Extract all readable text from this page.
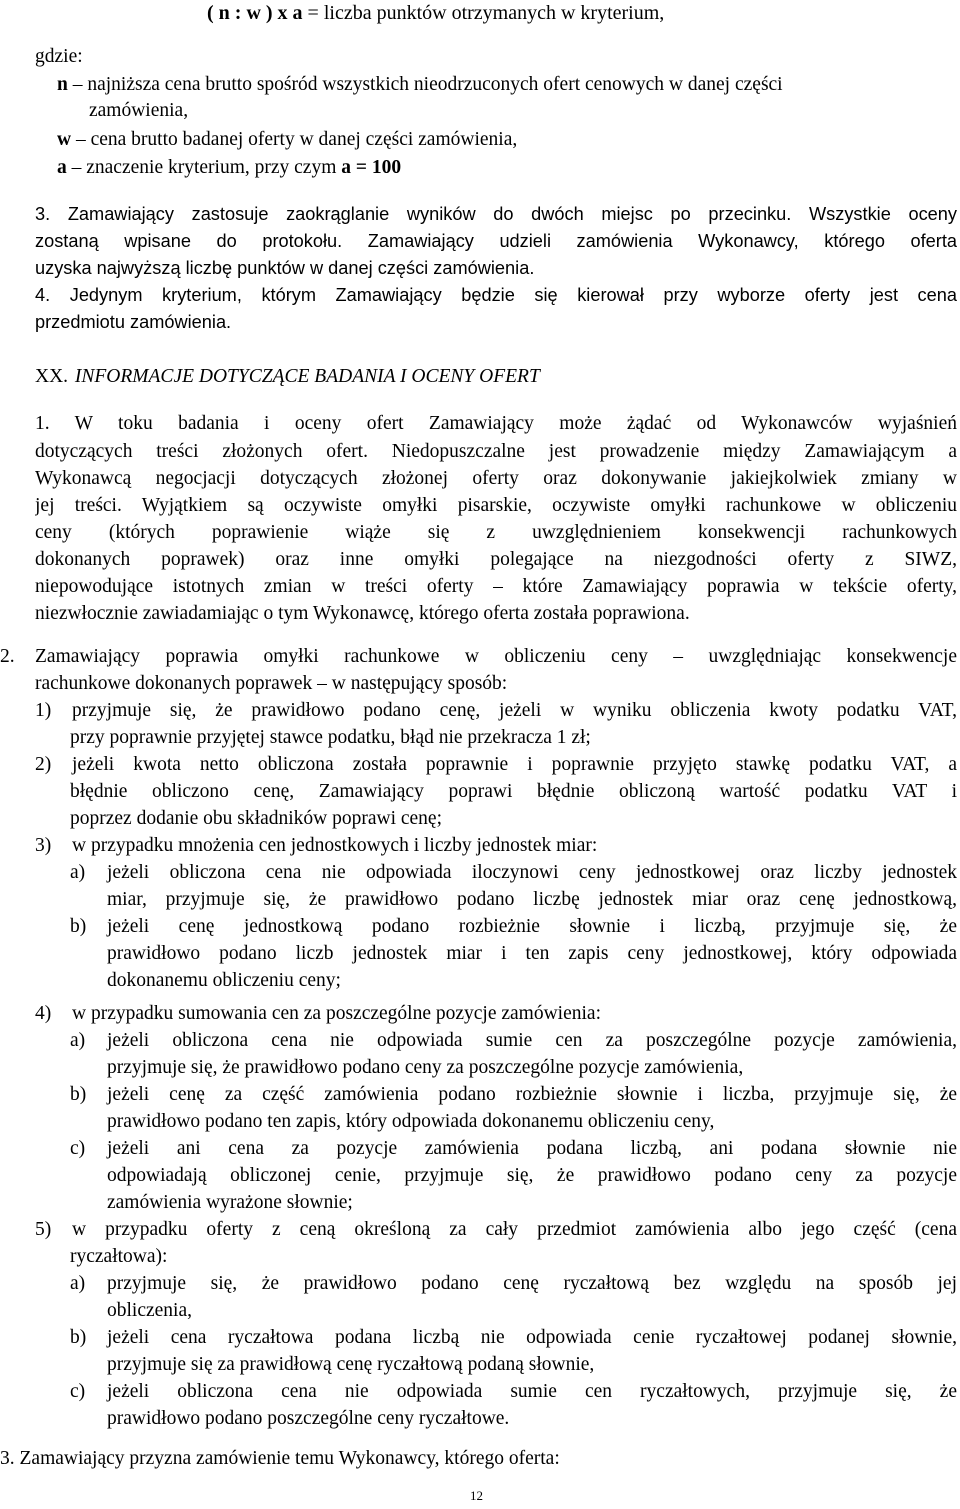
( n : w ) x a = liczba punktów otrzymanych w kryterium,
gdzie:
n – najniższa cena brutto spośród wszystkich nieodrzuconych ofert cenowych w danej części
zamówienia,
w – cena brutto badanej oferty w danej części zamówienia,
a – znaczenie kryterium, przy czym a = 100
3. Zamawiający zastosuje zaokrąglanie wyników do dwóch miejsc po przecinku. Wszystkie oceny
zostaną wpisane do protokołu. Zamawiający udzieli zamówienia Wykonawcy, którego oferta
uzyska najwyższą liczbę punktów w danej części zamówienia.
4. Jedynym kryterium, którym Zamawiający będzie się kierował przy wyborze oferty jest cena
przedmiotu zamówienia.
XX. INFORMACJE DOTYCZĄCE BADANIA I OCENY OFERT
1. W toku badania i oceny ofert Zamawiający może żądać od Wykonawców wyjaśnień
dotyczących treści złożonych ofert. Niedopuszczalne jest prowadzenie między Zamawiającym a
Wykonawcą negocjacji dotyczących złożonej oferty oraz dokonywanie jakiejkolwiek zmiany w
jej treści. Wyjątkiem są oczywiste omyłki pisarskie, oczywiste omyłki rachunkowe w obliczeniu
ceny (których poprawienie wiąże się z uwzględnieniem konsekwencji rachunkowych
dokonanych poprawek) oraz inne omyłki polegające na niezgodności oferty z SIWZ,
niepowodujące istotnych zmian w treści oferty – które Zamawiający poprawia w tekście oferty,
niezwłocznie zawiadamiając o tym Wykonawcę, którego oferta została poprawiona.
2. Zamawiający poprawia omyłki rachunkowe w obliczeniu ceny – uwzględniając konsekwencje
rachunkowe dokonanych poprawek – w następujący sposób:
1) przyjmuje się, że prawidłowo podano cenę, jeżeli w wyniku obliczenia kwoty podatku VAT,
przy poprawnie przyjętej stawce podatku, błąd nie przekracza 1 zł;
2) jeżeli kwota netto obliczona została poprawnie i poprawnie przyjęto stawkę podatku VAT, a
błędnie obliczono cenę, Zamawiający poprawi błędnie obliczoną wartość podatku VAT i
poprzez dodanie obu składników poprawi cenę;
3) w przypadku mnożenia cen jednostkowych i liczby jednostek miar:
a) jeżeli obliczona cena nie odpowiada iloczynowi ceny jednostkowej oraz liczby jednostek
miar, przyjmuje się, że prawidłowo podano liczbę jednostek miar oraz cenę jednostkową,
b) jeżeli cenę jednostkową podano rozbieżnie słownie i liczbą, przyjmuje się, że
prawidłowo podano liczb jednostek miar i ten zapis ceny jednostkowej, który odpowiada
dokonanemu obliczeniu ceny;
4) w przypadku sumowania cen za poszczególne pozycje zamówienia:
a) jeżeli obliczona cena nie odpowiada sumie cen za poszczególne pozycje zamówienia,
przyjmuje się, że prawidłowo podano ceny za poszczególne pozycje zamówienia,
b) jeżeli cenę za część zamówienia podano rozbieżnie słownie i liczba, przyjmuje się, że
prawidłowo podano ten zapis, który odpowiada dokonanemu obliczeniu ceny,
c) jeżeli ani cena za pozycje zamówienia podana liczbą, ani podana słownie nie
odpowiadają obliczonej cenie, przyjmuje się, że prawidłowo podano ceny za pozycje
zamówienia wyrażone słownie;
5) w przypadku oferty z ceną określoną za cały przedmiot zamówienia albo jego część (cena
ryczałtowa):
a) przyjmuje się, że prawidłowo podano cenę ryczałtową bez względu na sposób jej
obliczenia,
b) jeżeli cena ryczałtowa podana liczbą nie odpowiada cenie ryczałtowej podanej słownie,
przyjmuje się za prawidłową cenę ryczałtową podaną słownie,
c) jeżeli obliczona cena nie odpowiada sumie cen ryczałtowych, przyjmuje się, że
prawidłowo podano poszczególne ceny ryczałtowe.
3. Zamawiający przyzna zamówienie temu Wykonawcy, którego oferta:
12
